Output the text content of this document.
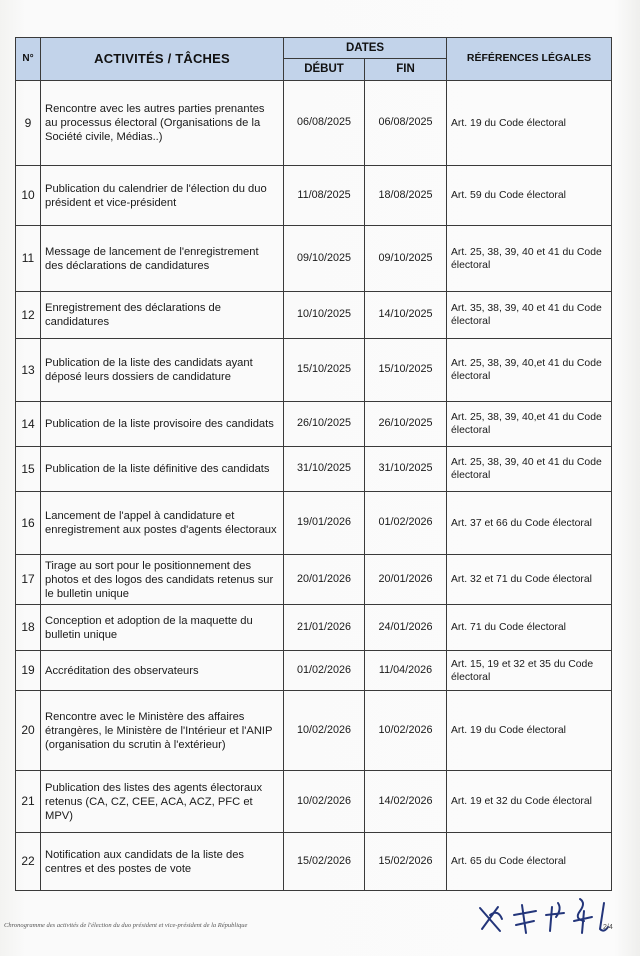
N°	ACTIVITÉS / TÂCHES	DATES		RÉFÉRENCES LÉGALES
		DÉBUT	FIN	
9	Rencontre avec les autres parties prenantes au processus électoral (Organisations de la Société civile, Médias..)	06/08/2025	06/08/2025	Art. 19 du Code électoral
10	Publication du calendrier de l'élection du duo président et vice-président	11/08/2025	18/08/2025	Art. 59 du Code électoral
11	Message de lancement de l'enregistrement des déclarations de candidatures	09/10/2025	09/10/2025	Art. 25, 38, 39, 40 et 41 du Code électoral
12	Enregistrement des déclarations de candidatures	10/10/2025	14/10/2025	Art. 35, 38, 39, 40 et 41 du Code électoral
13	Publication de la liste des candidats ayant déposé leurs dossiers de candidature	15/10/2025	15/10/2025	Art. 25, 38, 39, 40,et 41 du Code électoral
14	Publication de la liste provisoire des candidats	26/10/2025	26/10/2025	Art. 25, 38, 39, 40,et 41 du Code électoral
15	Publication de la liste définitive des candidats	31/10/2025	31/10/2025	Art. 25, 38, 39, 40 et 41 du Code électoral
16	Lancement de l'appel à candidature et enregistrement aux postes d'agents électoraux	19/01/2026	01/02/2026	Art. 37 et 66 du Code électoral
17	Tirage au sort pour le positionnement des photos et des logos des candidats retenus sur le bulletin unique	20/01/2026	20/01/2026	Art. 32 et 71 du Code électoral
18	Conception et adoption de la maquette du bulletin unique	21/01/2026	24/01/2026	Art. 71 du Code électoral
19	Accréditation des observateurs	01/02/2026	11/04/2026	Art. 15, 19 et 32 et 35 du Code électoral
20	Rencontre avec le Ministère des affaires étrangères, le Ministère de l'Intérieur et l'ANIP (organisation du scrutin à l'extérieur)	10/02/2026	10/02/2026	Art. 19 du Code électoral
21	Publication des listes des agents électoraux retenus (CA, CZ, CEE, ACA, ACZ, PFC et MPV)	10/02/2026	14/02/2026	Art. 19 et 32 du Code électoral
22	Notification aux candidats de la liste des centres et des postes de vote	15/02/2026	15/02/2026	Art. 65 du Code électoral
Chronogramme des activités de l'élection du duo président et vice-président de la République	2/4
